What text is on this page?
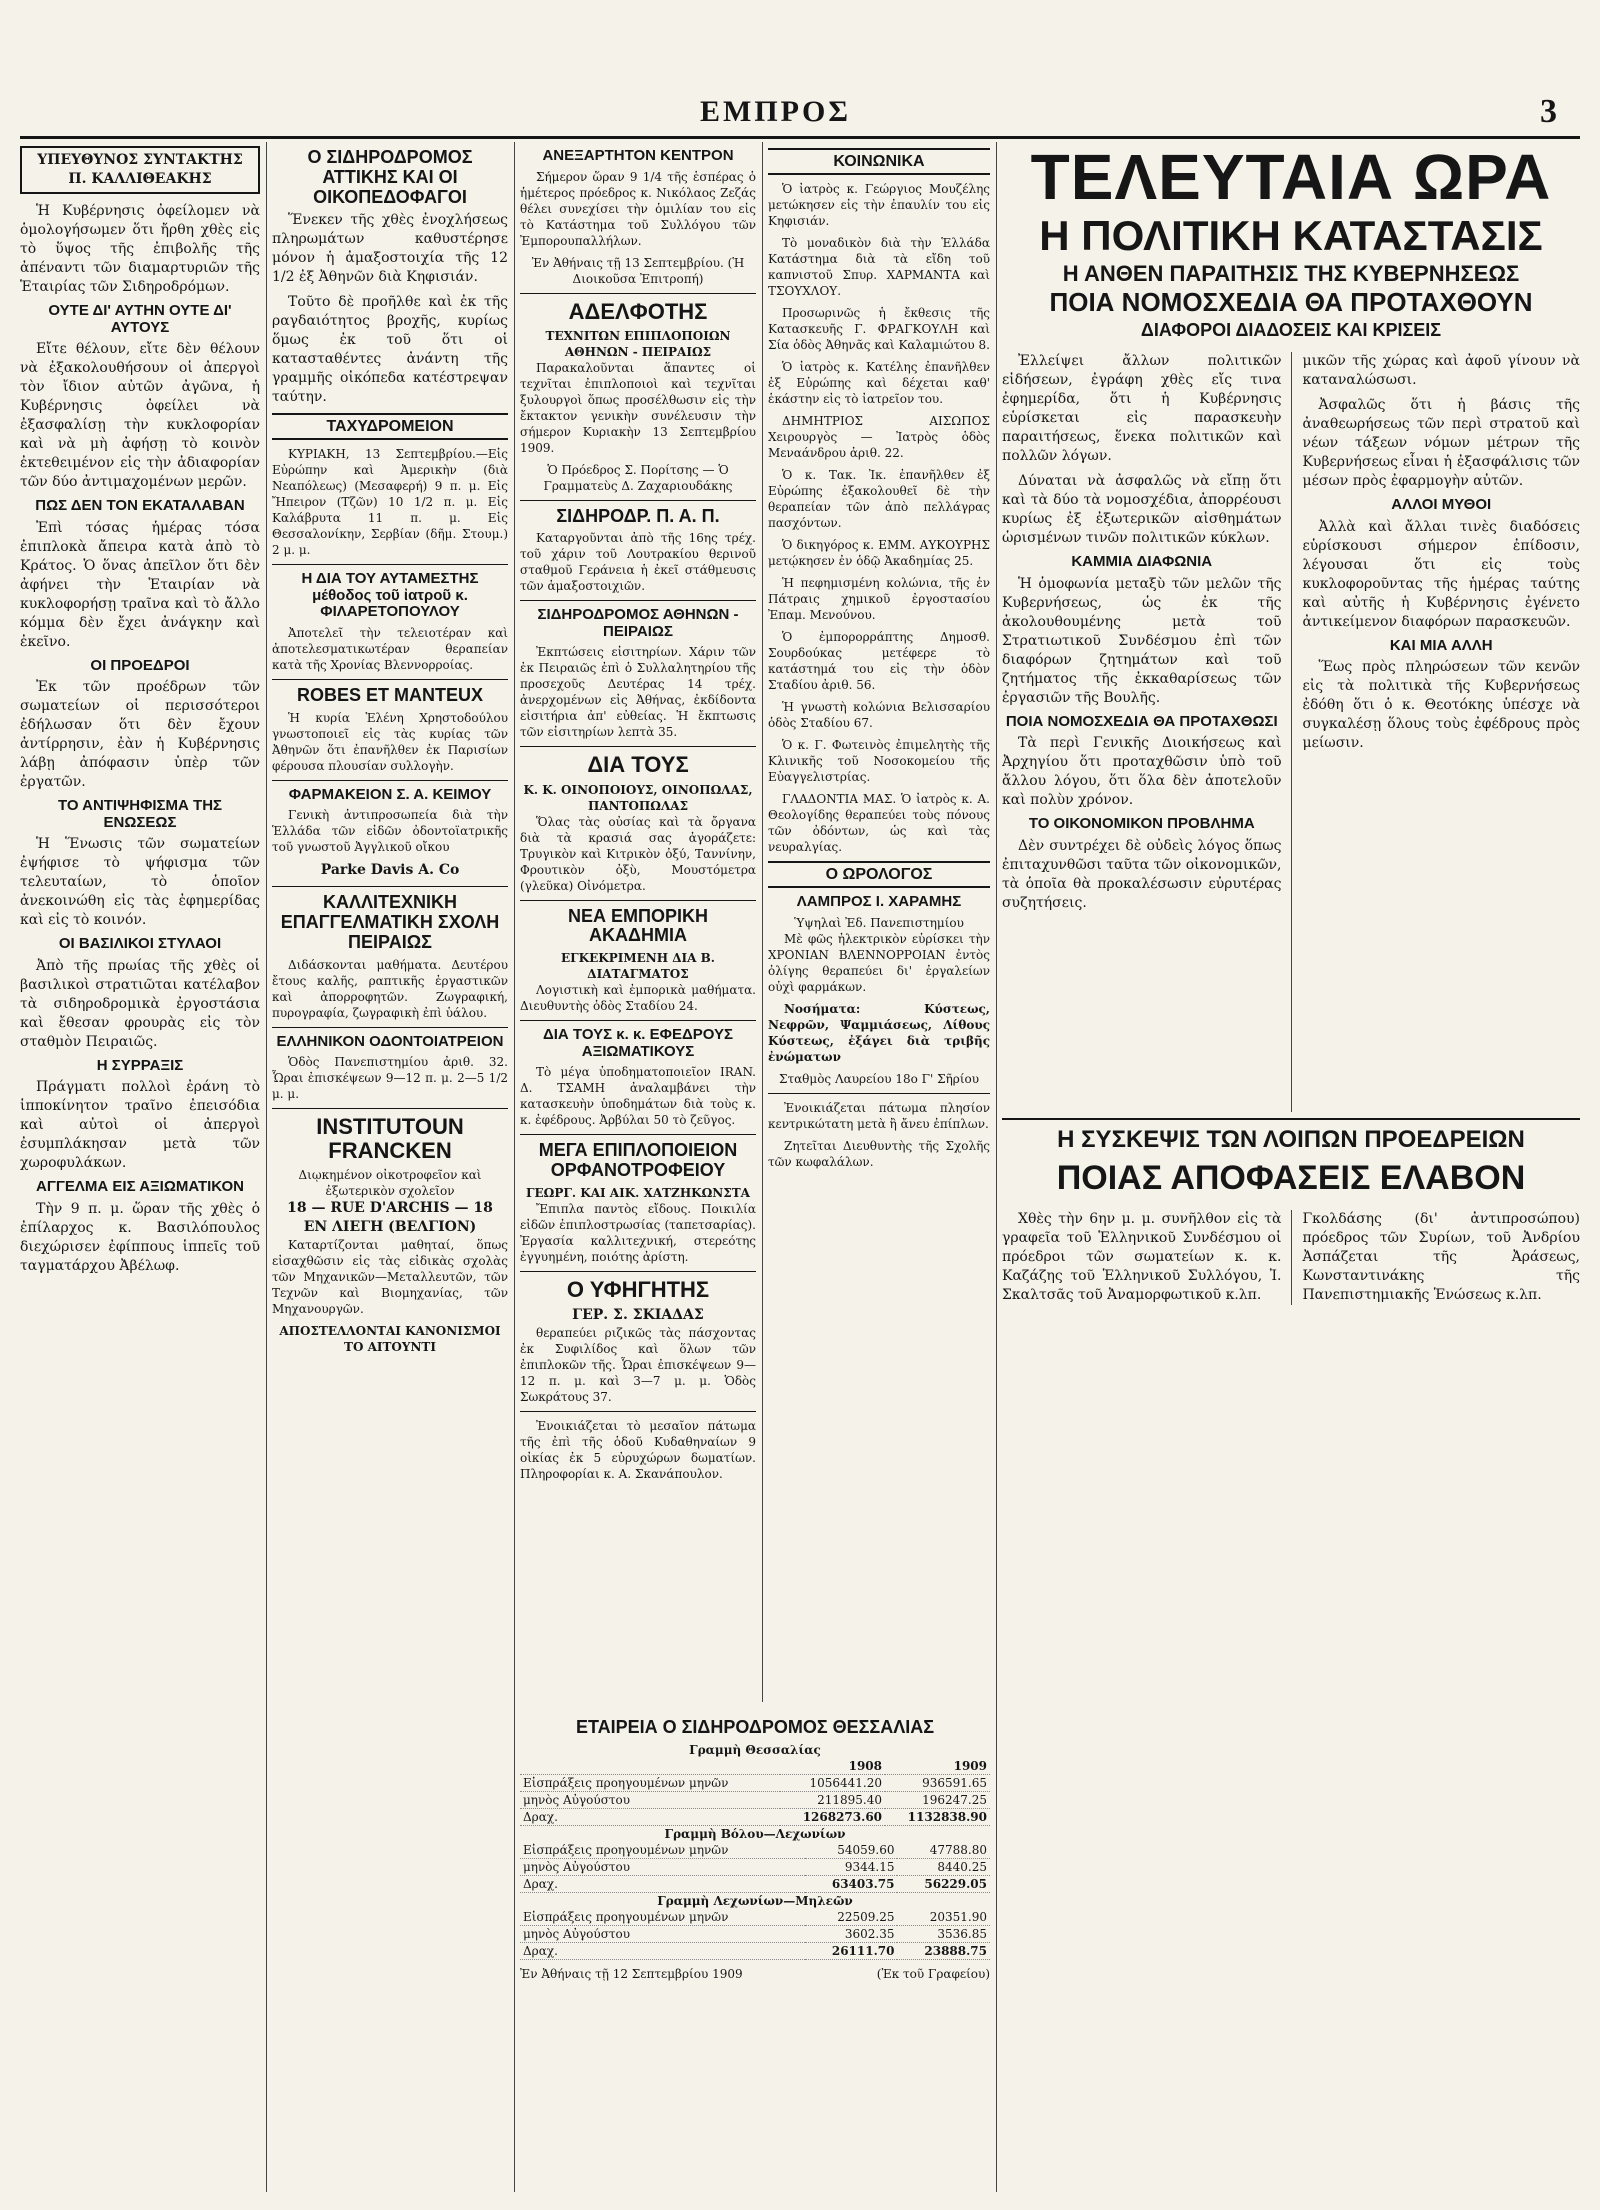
ΕΜΠΡΟΣ	3
ΥΠΕΥΘΥΝΟΣ ΣΥΝΤΑΚΤΗΣ Π. ΚΑΛΛΙΘΕΑΚΗΣ

Ἡ Κυβέρνησις ὀφείλομεν νὰ ὁμολογήσωμεν ὅτι ἤρθη χθὲς εἰς τὸ ὕψος τῆς ἐπιβολῆς τῆς ἀπέναντι τῶν διαμαρτυριῶν τῆς Ἑταιρίας τῶν Σιδηροδρόμων.

ΟΥΤΕ ΔΙ' ΑΥΤΗΝ ΟΥΤΕ ΔΙ' ΑΥΤΟΥΣ

Εἴτε θέλουν, εἴτε δὲν θέλουν νὰ ἐξακολουθήσουν οἱ ἀπεργοὶ τὸν ἴδιον αὐτῶν ἀγῶνα, ἡ Κυβέρνησις ὀφείλει νὰ ἐξασφαλίσῃ τὴν κυκλοφορίαν καὶ νὰ μὴ ἀφήσῃ τὸ κοινὸν ἐκτεθειμένον εἰς τὴν ἀδιαφορίαν τῶν δύο ἀντιμαχομένων μερῶν.

ΠΩΣ ΔΕΝ ΤΟΝ ΕΚΑΤΑΛΑΒΑΝ

Ἐπὶ τόσας ἡμέρας τόσα ἐπιπλοκὰ ἄπειρα κατὰ ἀπὸ τὸ Κράτος. Ὁ ὅνας ἀπεῖλον ὅτι δὲν ἀφήνει τὴν Ἑταιρίαν νὰ κυκλοφορήσῃ τραῖνα καὶ τὸ ἄλλο κόμμα δὲν ἔχει ἀνάγκην καὶ ἐκεῖνο.

ΟΙ ΠΡΟΕΔΡΟΙ

Ἐκ τῶν προέδρων τῶν σωματείων οἱ περισσότεροι ἐδήλωσαν ὅτι δὲν ἔχουν ἀντίρρησιν, ἐὰν ἡ Κυβέρνησις λάβῃ ἀπόφασιν ὑπὲρ τῶν ἐργατῶν.

ΤΟ ΑΝΤΙΨΗΦΙΣΜΑ ΤΗΣ ΕΝΩΣΕΩΣ

Ἡ Ἕνωσις τῶν σωματείων ἐψήφισε τὸ ψήφισμα τῶν τελευταίων, τὸ ὁποῖον ἀνεκοινώθη εἰς τὰς ἐφημερίδας καὶ εἰς τὸ κοινόν.

ΟΙ ΒΑΣΙΛΙΚΟΙ ΣΤΥΛΑΟΙ

Ἀπὸ τῆς πρωίας τῆς χθὲς οἱ βασιλικοὶ στρατιῶται κατέλαβον τὰ σιδηροδρομικὰ ἐργοστάσια καὶ ἔθεσαν φρουρὰς εἰς τὸν σταθμὸν Πειραιῶς.

Η ΣΥΡΡΑΞΙΣ

Πράγματι πολλοὶ ἐράνη τὸ ἱπποκίνητον τραῖνο ἐπεισόδια καὶ αὐτοὶ οἱ ἀπεργοὶ ἐσυμπλάκησαν μετὰ τῶν χωροφυλάκων.

ΑΓΓΕΛΜΑ ΕΙΣ ΑΞΙΩΜΑΤΙΚΟΝ

Τὴν 9 π. μ. ὥραν τῆς χθὲς ὁ ἐπίλαρχος κ. Βασιλόπουλος διεχώρισεν ἐφίππους ἱππεῖς τοῦ ταγματάρχου Ἀβέλωφ.

Ο ΣΙΔΗΡΟΔΡΟΜΟΣ ΑΤΤΙΚΗΣ ΚΑΙ ΟΙ ΟΙΚΟΠΕΔΟΦΑΓΟΙ

Ἕνεκεν τῆς χθὲς ἐνοχλήσεως πληρωμάτων καθυστέρησε μόνον ἡ ἀμαξοστοιχία τῆς 12 1/2 ἐξ Ἀθηνῶν διὰ Κηφισιάν.

Τοῦτο δὲ προῆλθε καὶ ἐκ τῆς ραγδαιότητος βροχῆς, κυρίως ὅμως ἐκ τοῦ ὅτι οἱ κατασταθέντες ἀνάντη τῆς γραμμῆς οἰκόπεδα κατέστρεψαν ταύτην.

ΤΑΧΥΔΡΟΜΕΙΟΝ

ΚΥΡΙΑΚΗ, 13 Σεπτεμβρίου.—Εἰς Εὐρώπην καὶ Ἀμερικὴν (διὰ Νεαπόλεως) (Μεσαφερή) 9 π. μ. Εἰς Ἤπειρον (Τζῶν) 10 1/2 π. μ. Εἰς Καλάβρυτα 11 π. μ. Εἰς Θεσσαλονίκην, Σερβίαν (δῆμ. Στουμ.) 2 μ. μ.

Η ΔΙΑ ΤΟΥ ΑΥΤΑΜΕΣΤΗΣ μέθοδος τοῦ ἰατροῦ κ. ΦΙΛΑΡΕΤΟΠΟΥΛΟΥ

Ἀποτελεῖ τὴν τελειοτέραν καὶ ἀποτελεσματικωτέραν θεραπείαν κατὰ τῆς Χρονίας Βλεννορροίας.

ROBES ET MANTEUX

Ἡ κυρία Ἑλένη Χρηστοδούλου γνωστοποιεῖ εἰς τὰς κυρίας τῶν Ἀθηνῶν ὅτι ἐπανῆλθεν ἐκ Παρισίων φέρουσα πλουσίαν συλλογὴν.

ΦΑΡΜΑΚΕΙΟΝ Σ. Α. ΚΕΙΜΟΥ

Γενικὴ ἀντιπροσωπεία διὰ τὴν Ἑλλάδα τῶν εἰδῶν ὀδοντοϊατρικῆς τοῦ γνωστοῦ Ἀγγλικοῦ οἴκου

Parke Davis A. Co
ΚΑΛΛΙΤΕΧΝΙΚΗ ΕΠΑΓΓΕΛΜΑΤΙΚΗ ΣΧΟΛΗ ΠΕΙΡΑΙΩΣ

Διδάσκονται μαθήματα. Δευτέρου ἔτους καλῆς, ραπτικῆς ἐργαστικῶν καὶ ἀπορροφητῶν. Ζωγραφική, πυρογραφία, ζωγραφικὴ ἐπὶ ὑάλου.

ΕΛΛΗΝΙΚΟΝ ΟΔΟΝΤΟΙΑΤΡΕΙΟΝ

Ὁδὸς Πανεπιστημίου ἀριθ. 32. Ὧραι ἐπισκέψεων 9—12 π. μ. 2—5 1/2 μ. μ.

INSTITUTOUN FRANCKEN
Διῳκημένον οἰκοτροφεῖον καὶ ἐξωτερικὸν σχολεῖον
18 — RUE D'ARCHIS — 18
ΕΝ ΛΙΕΓΗ (ΒΕΛΓΙΟΝ)

Καταρτίζονται μαθηταί, ὅπως εἰσαχθῶσιν εἰς τὰς εἰδικὰς σχολὰς τῶν Μηχανικῶν—Μεταλλευτῶν, τῶν Τεχνῶν καὶ Βιομηχανίας, τῶν Μηχανουργῶν.

ΑΠΟΣΤΕΛΛΟΝΤΑΙ ΚΑΝΟΝΙΣΜΟΙ ΤΟ ΑΙΤΟΥΝΤΙ
ΑΝΕΞΑΡΤΗΤΟΝ ΚΕΝΤΡΟΝ

Σήμερον ὥραν 9 1/4 τῆς ἑσπέρας ὁ ἡμέτερος πρόεδρος κ. Νικόλαος Ζεζάς θέλει συνεχίσει τὴν ὁμιλίαν του εἰς τὸ Κατάστημα τοῦ Συλλόγου τῶν Ἐμπορουπαλλήλων.

Ἐν Ἀθήναις τῇ 13 Σεπτεμβρίου. (Ἡ Διοικοῦσα Ἐπιτροπή)
ΑΔΕΛΦΟΤΗΣ
ΤΕΧΝΙΤΩΝ ΕΠΙΠΛΟΠΟΙΩΝ ΑΘΗΝΩΝ - ΠΕΙΡΑΙΩΣ

Παρακαλοῦνται ἅπαντες οἱ τεχνῖται ἐπιπλοποιοὶ καὶ τεχνῖται ξυλουργοὶ ὅπως προσέλθωσιν εἰς τὴν ἔκτακτον γενικὴν συνέλευσιν τὴν σήμερον Κυριακὴν 13 Σεπτεμβρίου 1909.

Ὁ Πρόεδρος Σ. Πορίτσης — Ὁ Γραμματεὺς Δ. Ζαχαριουδάκης
ΣΙΔΗΡΟΔΡ. Π. Α. Π.

Καταργοῦνται ἀπὸ τῆς 16ης τρέχ. τοῦ χάριν τοῦ Λουτρακίου θερινοῦ σταθμοῦ Γεράνεια ἡ ἐκεῖ στάθμευσις τῶν ἁμαξοστοιχιῶν.

ΣΙΔΗΡΟΔΡΟΜΟΣ ΑΘΗΝΩΝ - ΠΕΙΡΑΙΩΣ

Ἐκπτώσεις εἰσιτηρίων. Χάριν τῶν ἐκ Πειραιῶς ἐπὶ ὁ Συλλαλητηρίου τῆς προσεχοῦς Δευτέρας 14 τρέχ. ἀνερχομένων εἰς Ἀθήνας, ἐκδίδοντα εἰσιτήρια ἀπ' εὐθείας. Ἡ ἔκπτωσις τῶν εἰσιτηρίων λεπτὰ 35.

ΔΙΑ ΤΟΥΣ
Κ. Κ. ΟΙΝΟΠΟΙΟΥΣ, ΟΙΝΟΠΩΛΑΣ, ΠΑΝΤΟΠΩΛΑΣ

Ὅλας τὰς οὐσίας καὶ τὰ ὄργανα διὰ τὰ κρασιά σας ἀγοράζετε: Τρυγικὸν καὶ Κιτρικὸν ὀξύ, Ταννίνην, Φρουτικὸν ὀξὺ, Μουστόμετρα (γλεῦκα) Οἰνόμετρα.

ΝΕΑ ΕΜΠΟΡΙΚΗ ΑΚΑΔΗΜΙΑ
ΕΓΚΕΚΡΙΜΕΝΗ ΔΙΑ Β. ΔΙΑΤΑΓΜΑΤΟΣ

Λογιστικὴ καὶ ἐμπορικὰ μαθήματα. Διευθυντὴς ὁδὸς Σταδίου 24.

ΔΙΑ ΤΟΥΣ κ. κ. ΕΦΕΔΡΟΥΣ ΑΞΙΩΜΑΤΙΚΟΥΣ

Τὸ μέγα ὑποδηματοποιεῖον IRAN. Δ. ΤΣΑΜΗ ἀναλαμβάνει τὴν κατασκευὴν ὑποδημάτων διὰ τοὺς κ. κ. ἐφέδρους. Ἀρβύλαι 50 τὸ ζεῦγος.

ΜΕΓΑ ΕΠΙΠΛΟΠΟΙΕΙΟΝ ΟΡΦΑΝΟΤΡΟΦΕΙΟΥ
ΓΕΩΡΓ. ΚΑΙ ΑΙΚ. ΧΑΤΖΗΚΩΝΣΤΑ

Ἔπιπλα παντὸς εἴδους. Ποικιλία εἰδῶν ἐπιπλοστρωσίας (ταπετσαρίας). Ἐργασία καλλιτεχνική, στερεότης ἐγγυημένη, ποιότης ἀρίστη.

Ο ΥΦΗΓΗΤΗΣ
ΓΕΡ. Σ. ΣΚΙΑΔΑΣ

θεραπεύει ριζικῶς τὰς πάσχοντας ἐκ Συφιλίδος καὶ ὅλων τῶν ἐπιπλοκῶν τῆς. Ὧραι ἐπισκέψεων 9—12 π. μ. καὶ 3—7 μ. μ. Ὁδὸς Σωκράτους 37.

Ἐνοικιάζεται τὸ μεσαῖον πάτωμα τῆς ἐπὶ τῆς ὁδοῦ Κυδαθηναίων 9 οἰκίας ἐκ 5 εὐρυχώρων δωματίων. Πληροφορίαι κ. Α. Σκανάπουλον.

ΚΟΙΝΩΝΙΚΑ

Ὁ ἰατρὸς κ. Γεώργιος Μουζέλης μετώκησεν εἰς τὴν ἐπαυλίν του εἰς Κηφισιάν.

Τὸ μοναδικὸν διὰ τὴν Ἑλλάδα Κατάστημα διὰ τὰ εἴδη τοῦ καπνιστοῦ Σπυρ. ΧΑΡΜΑΝΤΑ καὶ ΤΣΟΥΧΛΟΥ.

Προσωρινῶς ἡ ἔκθεσις τῆς Κατασκευῆς Γ. ΦΡΑΓΚΟΥΛΗ καὶ Σία ὁδὸς Ἀθηνᾶς καὶ Καλαμιώτου 8.

Ὁ ἰατρὸς κ. Κατέλης ἐπανῆλθεν ἐξ Εὐρώπης καὶ δέχεται καθ' ἑκάστην εἰς τὸ ἰατρεῖον του.

ΔΗΜΗΤΡΙΟΣ ΑΙΣΩΠΟΣ Χειρουργὸς — Ἰατρὸς ὁδὸς Μεναάνδρου ἀριθ. 22.

Ὁ κ. Τακ. Ἰκ. ἐπανῆλθεν ἐξ Εὐρώπης ἐξακολουθεῖ δὲ τὴν θεραπείαν τῶν ἀπὸ πελλάγρας πασχόντων.

Ὁ δικηγόρος κ. ΕΜΜ. ΑΥΚΟΥΡΗΣ μετῴκησεν ἐν ὁδῷ Ἀκαδημίας 25.

Ἡ πεφημισμένη κολώνια, τῆς ἐν Πάτραις χημικοῦ ἐργοστασίου Ἐπαμ. Μενούνου.

Ὁ ἐμπορορράπτης Δημοσθ. Σουρδούκας μετέφερε τὸ κατάστημά του εἰς τὴν ὁδὸν Σταδίου ἀριθ. 56.

Ἡ γνωστὴ κολώνια Βελισσαρίου ὁδὸς Σταδίου 67.

Ὁ κ. Γ. Φωτεινὸς ἐπιμελητὴς τῆς Κλινικῆς τοῦ Νοσοκομείου τῆς Εὐαγγελιστρίας.

ΓΛΑΔΟΝΤΙΑ ΜΑΣ. Ὁ ἰατρὸς κ. Α. Θεολογίδης θεραπεύει τοὺς πόνους τῶν ὀδόντων, ὡς καὶ τὰς νευραλγίας.

Ο ΩΡΟΛΟΓΟΣ
ΛΑΜΠΡΟΣ Ι. ΧΑΡΑΜΗΣ
Ὑψηλαὶ Ἐδ. Πανεπιστημίου

Μὲ φῶς ἠλεκτρικὸν εὑρίσκει τὴν ΧΡΟΝΙΑΝ ΒΛΕΝΝΟΡΡΟΙΑΝ ἐντὸς ὀλίγης θεραπεύει δι' ἐργαλείων οὐχὶ φαρμάκων.

Νοσήματα: Κύστεως, Νεφρῶν, Ψαμμιάσεως, Λίθους Κύστεως, ἐξάγει διὰ τριβῆς ἐνώματων

Σταθμὸς Λαυρείου 18ο Γ' Σῆρίου

Ἐνοικιάζεται πάτωμα πλησίον κεντρικώτατη μετὰ ἢ ἄνευ ἐπίπλων.

Ζητεῖται Διευθυντὴς τῆς Σχολῆς τῶν κωφαλάλων.

ΕΤΑΙΡΕΙΑ Ο ΣΙΔΗΡΟΔΡΟΜΟΣ ΘΕΣΣΑΛΙΑΣ
Γραμμὴ Θεσσαλίας
	1908	1909
Εἰσπράξεις προηγουμένων μηνῶν	1056441.20	936591.65
μηνὸς Αὐγούστου	211895.40	196247.25
Δραχ.	1268273.60	1132838.90
Γραμμὴ Βόλου—Λεχωνίων
Εἰσπράξεις προηγουμένων μηνῶν	54059.60	47788.80
μηνὸς Αὐγούστου	9344.15	8440.25
Δραχ.	63403.75	56229.05
Γραμμὴ Λεχωνίων—Μηλεῶν
Εἰσπράξεις προηγουμένων μηνῶν	22509.25	20351.90
μηνὸς Αὐγούστου	3602.35	3536.85
Δραχ.	26111.70	23888.75
Ἐν Ἀθήναις τῇ 12 Σεπτεμβρίου 1909	(Ἐκ τοῦ Γραφείου)
ΤΕΛΕΥΤΑΙΑ ΩΡΑ
Η ΠΟΛΙΤΙΚΗ ΚΑΤΑΣΤΑΣΙΣ
Η ΑΝΘΕΝ ΠΑΡΑΙΤΗΣΙΣ ΤΗΣ ΚΥΒΕΡΝΗΣΕΩΣ
ΠΟΙΑ ΝΟΜΟΣΧΕΔΙΑ ΘΑ ΠΡΟΤΑΧΘΟΥΝ
ΔΙΑΦΟΡΟΙ ΔΙΑΔΟΣΕΙΣ ΚΑΙ ΚΡΙΣΕΙΣ

Ἐλλείψει ἄλλων πολιτικῶν εἰδήσεων, ἐγράφη χθὲς εἴς τινα ἐφημερίδα, ὅτι ἡ Κυβέρνησις εὑρίσκεται εἰς παρασκευὴν παραιτήσεως, ἕνεκα πολιτικῶν καὶ πολλῶν λόγων.

Δύναται νὰ ἀσφαλῶς νὰ εἴπῃ ὅτι καὶ τὰ δύο τὰ νομοσχέδια, ἀπορρέουσι κυρίως ἐξ ἐξωτερικῶν αἰσθημάτων ὡρισμένων τινῶν πολιτικῶν κύκλων.

ΚΑΜΜΙΑ ΔΙΑΦΩΝΙΑ

Ἡ ὁμοφωνία μεταξὺ τῶν μελῶν τῆς Κυβερνήσεως, ὡς ἐκ τῆς ἀκολουθουμένης μετὰ τοῦ Στρατιωτικοῦ Συνδέσμου ἐπὶ τῶν διαφόρων ζητημάτων καὶ τοῦ ζητήματος τῆς ἐκκαθαρίσεως τῶν ἐργασιῶν τῆς Βουλῆς.

ΠΟΙΑ ΝΟΜΟΣΧΕΔΙΑ ΘΑ ΠΡΟΤΑΧΘΩΣΙ

Τὰ περὶ Γενικῆς Διοικήσεως καὶ Ἀρχηγίου ὅτι προταχθῶσιν ὑπὸ τοῦ ἄλλου λόγου, ὅτι ὅλα δὲν ἀποτελοῦν καὶ πολὺν χρόνον.

ΤΟ ΟΙΚΟΝΟΜΙΚΟΝ ΠΡΟΒΛΗΜΑ

Δὲν συντρέχει δὲ οὐδεὶς λόγος ὅπως ἐπιταχυνθῶσι ταῦτα τῶν οἰκονομικῶν, τὰ ὁποῖα θὰ προκαλέσωσιν εὐρυτέρας συζητήσεις.

μικῶν τῆς χώρας καὶ ἀφοῦ γίνουν νὰ καταναλώσωσι.

Ἀσφαλῶς ὅτι ἡ βάσις τῆς ἀναθεωρήσεως τῶν περὶ στρατοῦ καὶ νέων τάξεων νόμων μέτρων τῆς Κυβερνήσεως εἶναι ἡ ἐξασφάλισις τῶν μέσων πρὸς ἐφαρμογὴν αὐτῶν.

ΑΛΛΟΙ ΜΥΘΟΙ

Ἀλλὰ καὶ ἄλλαι τινὲς διαδόσεις εὑρίσκουσι σήμερον ἐπίδοσιν, λέγουσαι ὅτι εἰς τοὺς κυκλοφοροῦντας τῆς ἡμέρας ταύτης καὶ αὐτῆς ἡ Κυβέρνησις ἐγένετο ἀντικείμενον διαφόρων παρασκευῶν.

ΚΑΙ ΜΙΑ ΑΛΛΗ

Ἕως πρὸς πληρώσεων τῶν κενῶν εἰς τὰ πολιτικὰ τῆς Κυβερνήσεως ἐδόθη ὅτι ὁ κ. Θεοτόκης ὑπέσχε νὰ συγκαλέσῃ ὅλους τοὺς ἐφέδρους πρὸς μείωσιν.

Η ΣΥΣΚΕΨΙΣ ΤΩΝ ΛΟΙΠΩΝ ΠΡΟΕΔΡΕΙΩΝ
ΠΟΙΑΣ ΑΠΟΦΑΣΕΙΣ ΕΛΑΒΟΝ

Χθὲς τὴν 6ην μ. μ. συνῆλθον εἰς τὰ γραφεῖα τοῦ Ἑλληνικοῦ Συνδέσμου οἱ πρόεδροι τῶν σωματείων κ. κ. Καζάζης τοῦ Ἑλληνικοῦ Συλλόγου, Ἰ. Σκαλτσᾶς τοῦ Ἀναμορφωτικοῦ κ.λπ.

Γκολδάσης (δι' ἀντιπροσώπου) πρόεδρος τῶν Συρίων, τοῦ Ἀνδρίου Ἀσπάζεται τῆς Ἀράσεως, Κωνσταντινάκης τῆς Πανεπιστημιακῆς Ἑνώσεως κ.λπ.
